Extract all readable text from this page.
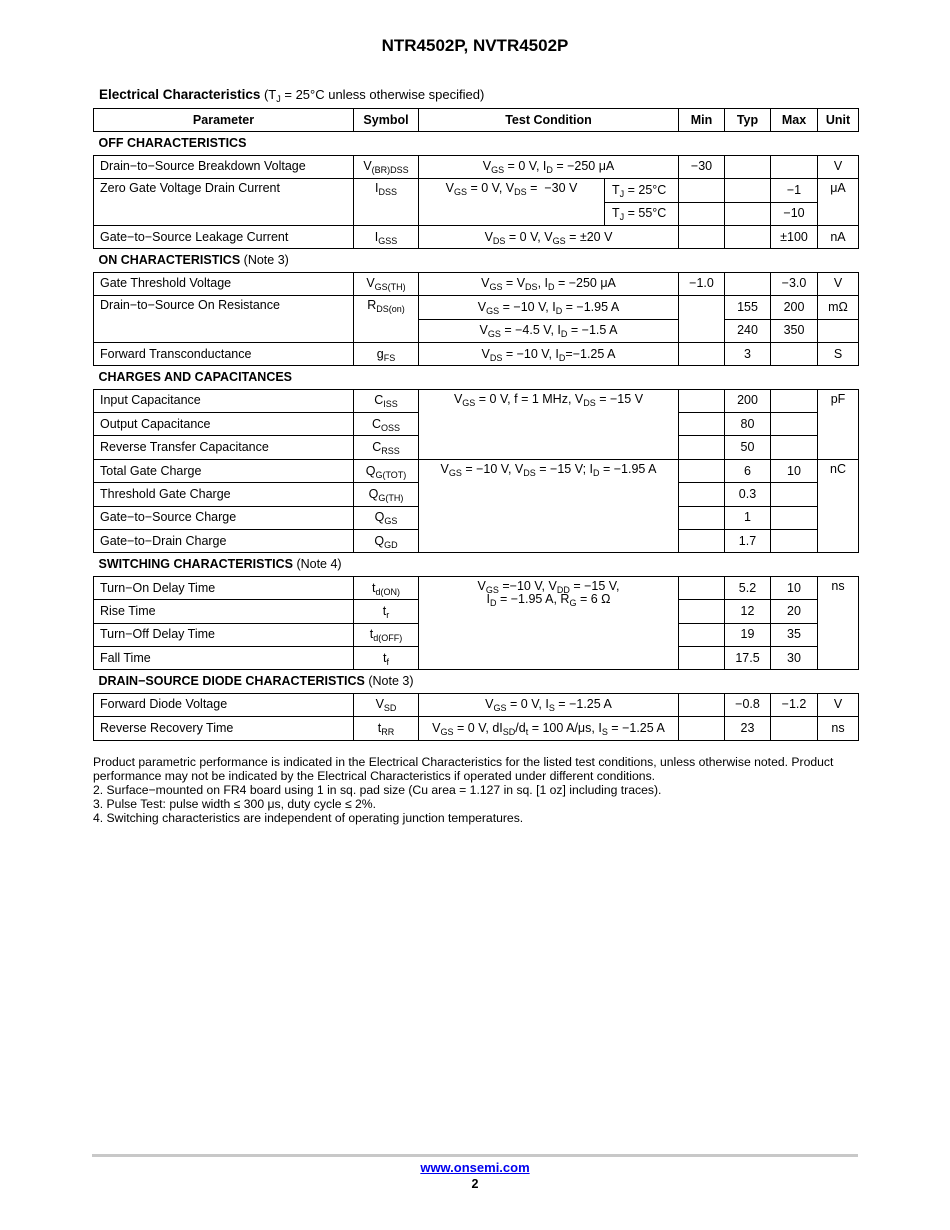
NTR4502P, NVTR4502P
Electrical Characteristics ($T_J = 25^\circ C$ unless otherwise specified)
Parameter	Symbol	Test Condition		Min	Typ	Max	Unit
OFF CHARACTERISTICS							
Drain−to−Source Breakdown Voltage	$V_{(BR)DSS}$	$V_{GS} = 0$ V, $I_D = -250$ μA		−30			V
Zero Gate Voltage Drain Current	$I_{DSS}$	$V_{GS} = 0$ V, $V_{DS} = -30$ V	$T_J = 25^\circ C$			−1	μA
			$T_J = 55^\circ C$			−10	
Gate−to−Source Leakage Current	$I_{GSS}$	$V_{DS} = 0$ V, $V_{GS} = \pm 20$ V				±100	nA
ON CHARACTERISTICS (Note 3)							
Gate Threshold Voltage	$V_{GS(TH)}$	$V_{GS} = V_{DS}$, $I_D = -250$ μA		−1.0		−3.0	V
Drain−to−Source On Resistance	$R_{DS(on)}$	$V_{GS} = -10$ V, $I_D = -1.95$ A			155	200	mΩ
		$V_{GS} = -4.5$ V, $I_D = -1.5$ A			240	350	
Forward Transconductance	$g_{FS}$	$V_{DS} = -10$ V, $I_D=-1.25$ A			3		S
CHARGES AND CAPACITANCES							
Input Capacitance	$C_{ISS}$	$V_{GS} = 0$ V, f = 1 MHz, $V_{DS} = -15$ V			200		pF
Output Capacitance	$C_{OSS}$				80		
Reverse Transfer Capacitance	$C_{RSS}$				50		
Total Gate Charge	$Q_{G(TOT)}$	$V_{GS} = -10$ V, $V_{DS} = -15$ V; $I_D = -1.95$ A			6	10	nC
Threshold Gate Charge	$Q_{G(TH)}$				0.3		
Gate−to−Source Charge	$Q_{GS}$				1		
Gate−to−Drain Charge	$Q_{GD}$				1.7		
SWITCHING CHARACTERISTICS (Note 4)							
Turn−On Delay Time	$t_{d(ON)}$	$V_{GS} =-10$ V, $V_{DD} = -15$ V,
$I_D = -1.95$ A, $R_G = 6$ Ω			5.2	10	ns
Rise Time	$t_r$				12	20	
Turn−Off Delay Time	$t_{d(OFF)}$				19	35	
Fall Time	$t_f$				17.5	30	
DRAIN−SOURCE DIODE CHARACTERISTICS (Note 3)							
Forward Diode Voltage	$V_{SD}$	$V_{GS} = 0$ V, $I_S = -1.25$ A			−0.8	−1.2	V
Reverse Recovery Time	$t_{RR}$	$V_{GS} = 0$ V, $dI_{SD}/d_t = 100$ A/μs, $I_S = -1.25$ A			23		ns

Product parametric performance is indicated in the Electrical Characteristics for the listed test conditions, unless otherwise noted. Product performance may not be indicated by the Electrical Characteristics if operated under different conditions.

2. Surface−mounted on FR4 board using 1 in sq. pad size (Cu area = 1.127 in sq. [1 oz] including traces).

3. Pulse Test: pulse width ≤ 300 μs, duty cycle ≤ 2%.

4. Switching characteristics are independent of operating junction temperatures.

www.onsemi.com
2
